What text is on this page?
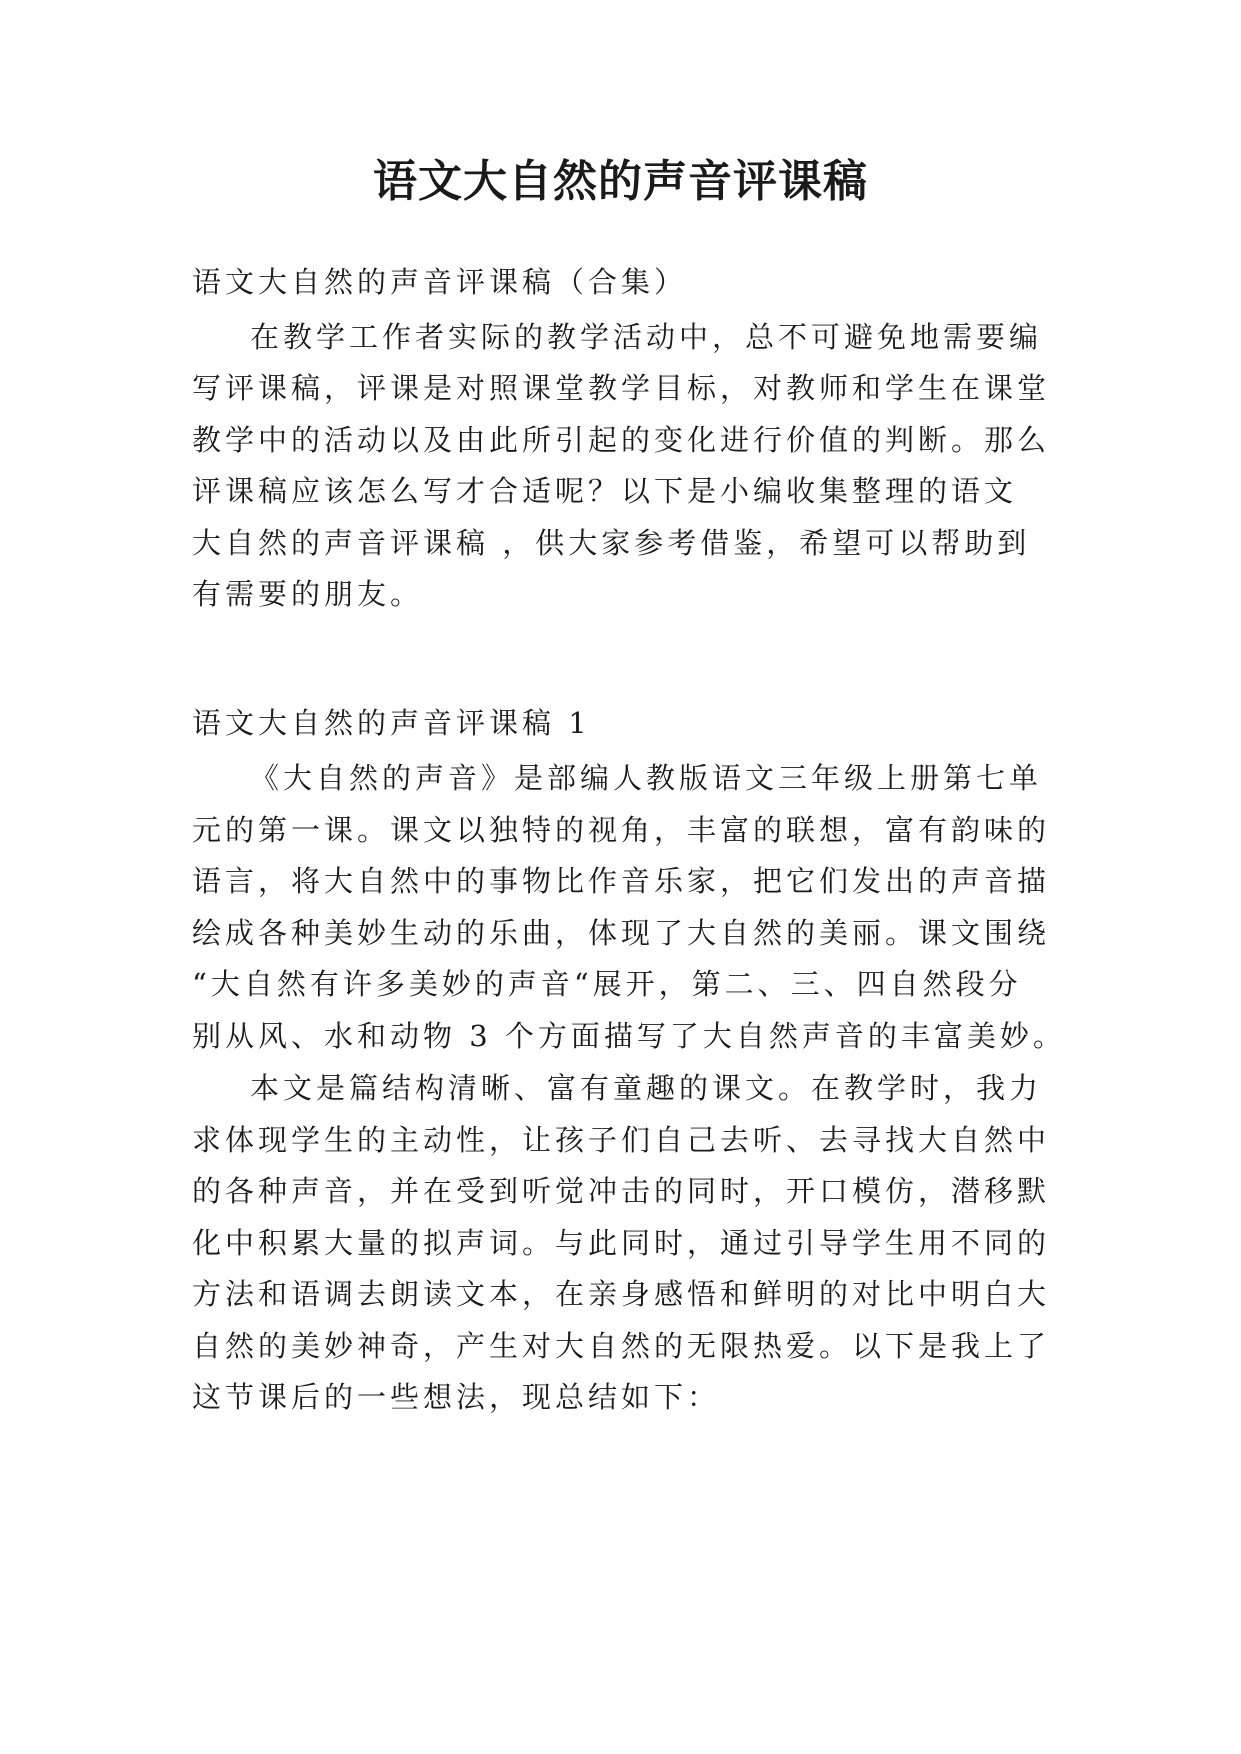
语文大自然的声音评课稿

语文大自然的声音评课稿（合集）

在教学工作者实际的教学活动中，总不可避免地需要编

写评课稿，评课是对照课堂教学目标，对教师和学生在课堂

教学中的活动以及由此所引起的变化进行价值的判断。那么

评课稿应该怎么写才合适呢？以下是小编收集整理的语文

大自然的声音评课稿 ，供大家参考借鉴，希望可以帮助到

有需要的朋友。

语文大自然的声音评课稿 1

《大自然的声音》是部编人教版语文三年级上册第七单

元的第一课。课文以独特的视角，丰富的联想，富有韵味的

语言，将大自然中的事物比作音乐家，把它们发出的声音描

绘成各种美妙生动的乐曲，体现了大自然的美丽。课文围绕

“大自然有许多美妙的声音“展开，第二、三、四自然段分

别从风、水和动物 3 个方面描写了大自然声音的丰富美妙。

本文是篇结构清晰、富有童趣的课文。在教学时，我力

求体现学生的主动性，让孩子们自己去听、去寻找大自然中

的各种声音，并在受到听觉冲击的同时，开口模仿，潜移默

化中积累大量的拟声词。与此同时，通过引导学生用不同的

方法和语调去朗读文本，在亲身感悟和鲜明的对比中明白大

自然的美妙神奇，产生对大自然的无限热爱。以下是我上了

这节课后的一些想法，现总结如下：
